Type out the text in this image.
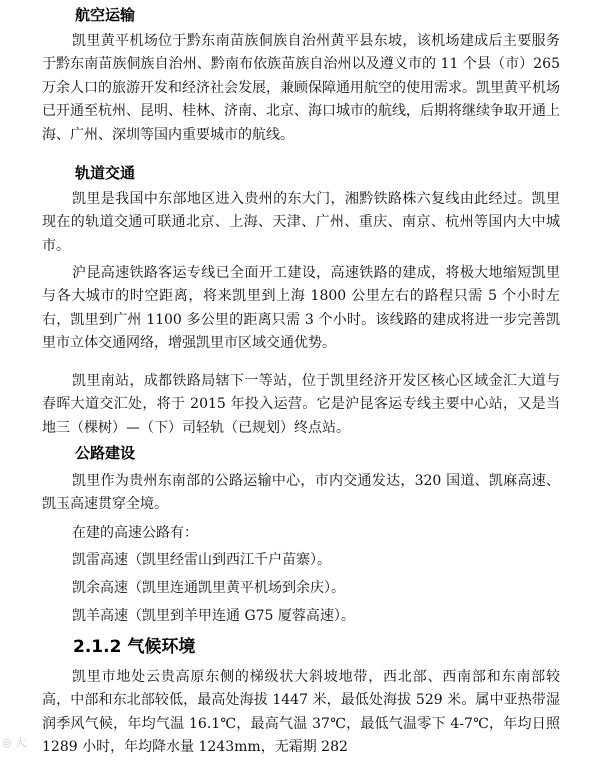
航空运输

凯里黄平机场位于黔东南苗族侗族自治州黄平县东坡，该机场建成后主要服务于黔东南苗族侗族自治州、黔南布依族苗族自治州以及遵义市的 11 个县（市）265 万余人口的旅游开发和经济社会发展，兼顾保障通用航空的使用需求。凯里黄平机场已开通至杭州、昆明、桂林、济南、北京、海口城市的航线，后期将继续争取开通上海、广州、深圳等国内重要城市的航线。

轨道交通

凯里是我国中东部地区进入贵州的东大门，湘黔铁路株六复线由此经过。凯里现在的轨道交通可联通北京、上海、天津、广州、重庆、南京、杭州等国内大中城市。

沪昆高速铁路客运专线已全面开工建设，高速铁路的建成，将极大地缩短凯里与各大城市的时空距离，将来凯里到上海 1800 公里左右的路程只需 5 个小时左右，凯里到广州 1100 多公里的距离只需 3 个小时。该线路的建成将进一步完善凯里市立体交通网络，增强凯里市区域交通优势。

凯里南站，成都铁路局辖下一等站，位于凯里经济开发区核心区域金汇大道与春晖大道交汇处，将于 2015 年投入运营。它是沪昆客运专线主要中心站，又是当地三（棵树）—（下）司轻轨（已规划）终点站。

公路建设

凯里作为贵州东南部的公路运输中心，市内交通发达，320 国道、凯麻高速、凯玉高速贯穿全境。

在建的高速公路有：

凯雷高速（凯里经雷山到西江千户苗寨）。

凯余高速（凯里连通凯里黄平机场到余庆）。

凯羊高速（凯里到羊甲连通 G75 厦蓉高速）。

2.1.2 气候环境

凯里市地处云贵高原东侧的梯级状大斜坡地带，西北部、西南部和东南部较高，中部和东北部较低，最高处海拔 1447 米，最低处海拔 529 米。属中亚热带湿润季风气候，年均气温 16.1℃，最高气温 37℃，最低气温零下 4-7℃，年均日照 1289 小时，年均降水量 1243mm，无霜期 282

◎ 大
